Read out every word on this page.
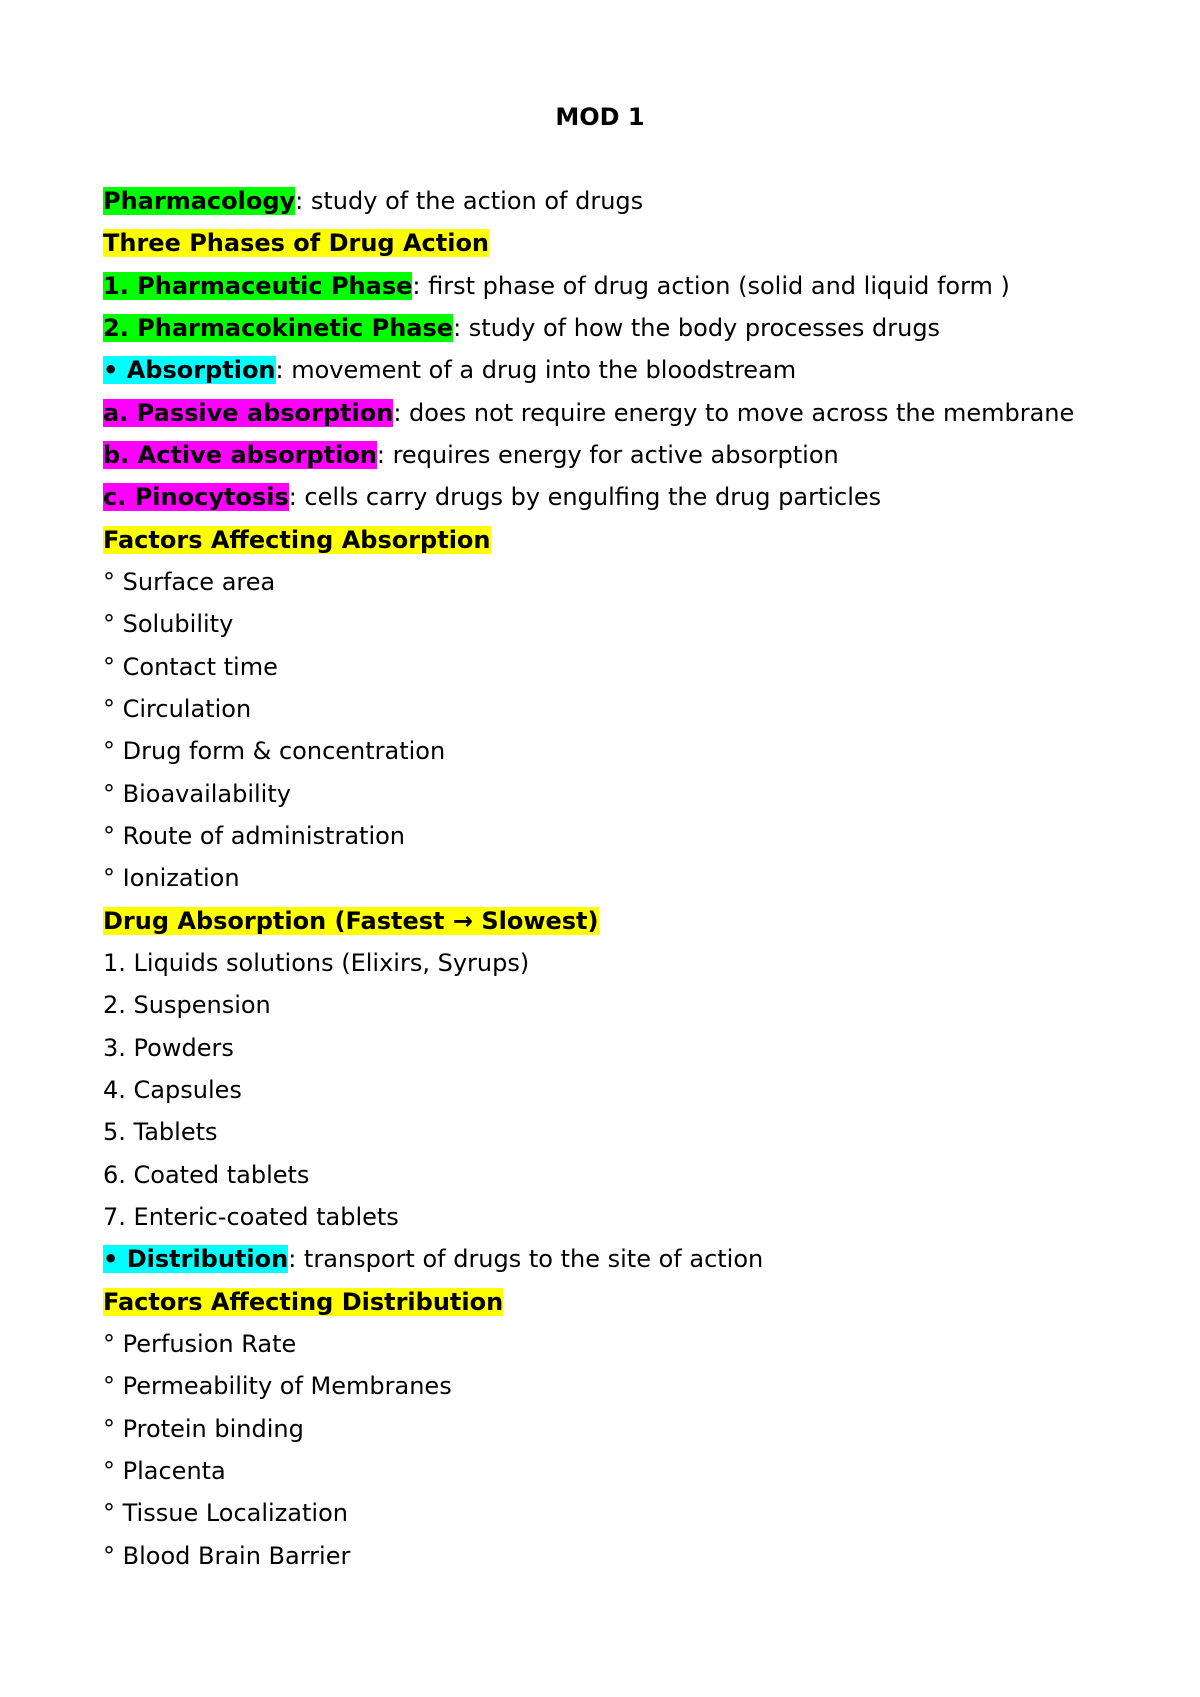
MOD 1
Pharmacology: study of the action of drugs
Three Phases of Drug Action
1. Pharmaceutic Phase: first phase of drug action (solid and liquid form )
2. Pharmacokinetic Phase: study of how the body processes drugs
• Absorption: movement of a drug into the bloodstream
a. Passive absorption: does not require energy to move across the membrane
b. Active absorption: requires energy for active absorption
c. Pinocytosis: cells carry drugs by engulfing the drug particles
Factors Affecting Absorption
° Surface area
° Solubility
° Contact time
° Circulation
° Drug form & concentration
° Bioavailability
° Route of administration
° Ionization
Drug Absorption (Fastest → Slowest)
1. Liquids solutions (Elixirs, Syrups)
2. Suspension
3. Powders
4. Capsules
5. Tablets
6. Coated tablets
7. Enteric-coated tablets
• Distribution: transport of drugs to the site of action
Factors Affecting Distribution
° Perfusion Rate
° Permeability of Membranes
° Protein binding
° Placenta
° Tissue Localization
° Blood Brain Barrier
